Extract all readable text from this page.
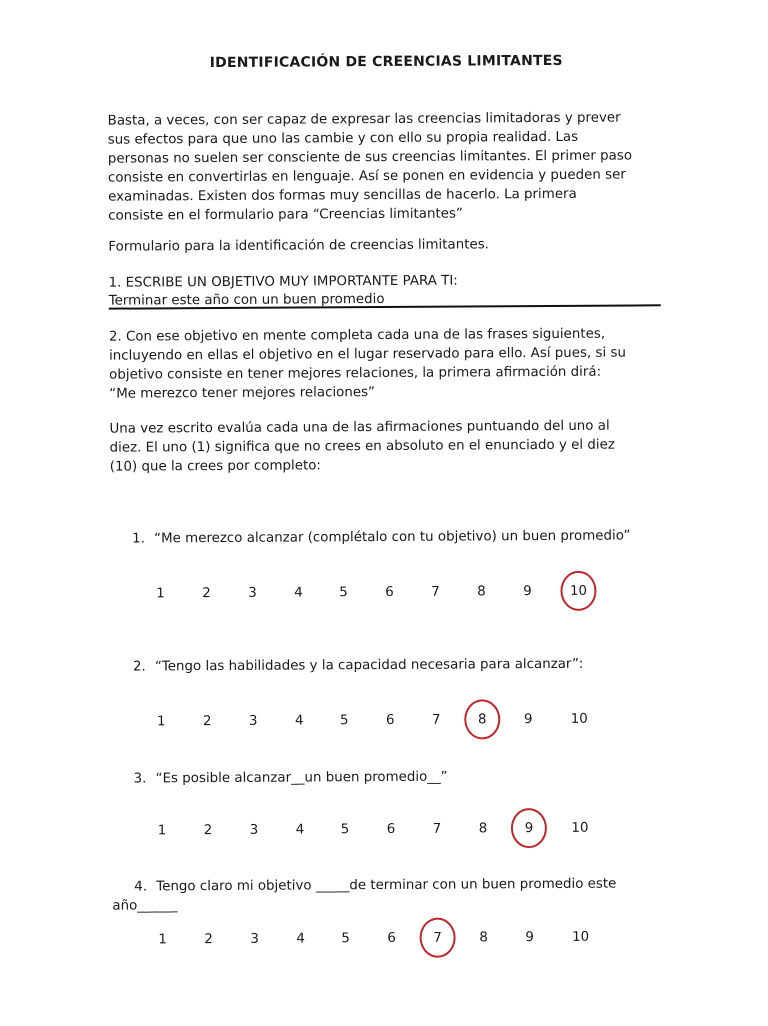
IDENTIFICACIÓN DE CREENCIAS LIMITANTES
Basta, a veces, con ser capaz de expresar las creencias limitadoras y prever
sus efectos para que uno las cambie y con ello su propia realidad. Las
personas no suelen ser consciente de sus creencias limitantes. El primer paso
consiste en convertirlas en lenguaje. Así se ponen en evidencia y pueden ser
examinadas. Existen dos formas muy sencillas de hacerlo. La primera
consiste en el formulario para “Creencias limitantes”
Formulario para la identificación de creencias limitantes.
1. ESCRIBE UN OBJETIVO MUY IMPORTANTE PARA TI:
Terminar este año con un buen promedio
2. Con ese objetivo en mente completa cada una de las frases siguientes,
incluyendo en ellas el objetivo en el lugar reservado para ello. Así pues, si su
objetivo consiste en tener mejores relaciones, la primera afirmación dirá:
“Me merezco tener mejores relaciones”
Una vez escrito evalúa cada una de las afirmaciones puntuando del uno al
diez. El uno (1) significa que no crees en absoluto en el enunciado y el diez
(10) que la crees por completo:
1. “Me merezco alcanzar (complétalo con tu objetivo) un buen promedio”
1	2	3	4	5	6	7	8	9	10
2. “Tengo las habilidades y la capacidad necesaria para alcanzar”:
1	2	3	4	5	6	7	8	9	10
3. “Es posible alcanzar__un buen promedio__”
1	2	3	4	5	6	7	8	9	10
4. Tengo claro mi objetivo _____de terminar con un buen promedio este
año______
1	2	3	4	5	6	7	8	9	10
